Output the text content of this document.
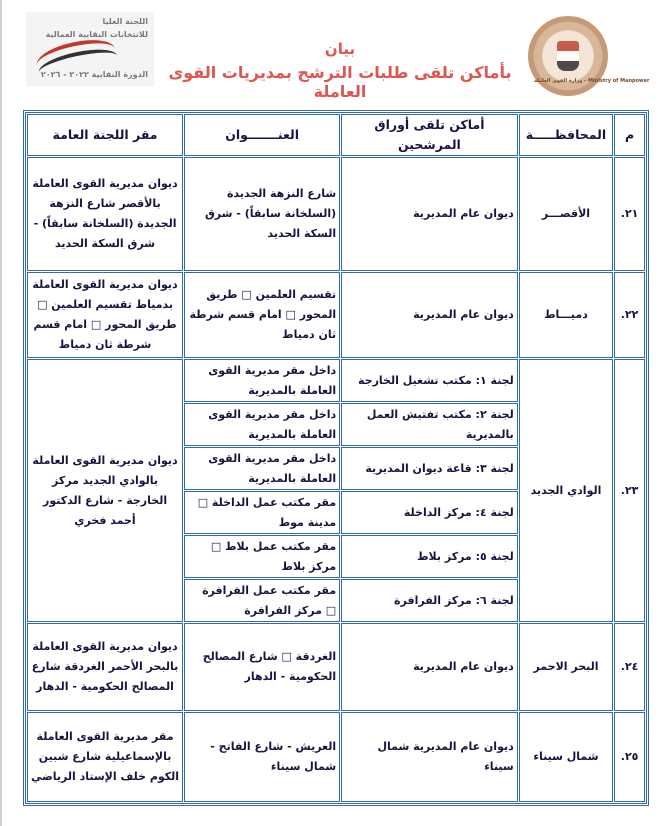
وزارة القوى العاملة - Ministry of Manpower
اللجنة العليا
للانتخابات النقابية العمالية
الدورة النقابية ٢٠٢٢ - ٢٠٢٦
بيان
بأماكن تلقى طلبات الترشح بمديريات القوى العاملة
م	المحافظـــــة	أماكن تلقى أوراق المرشحين	العنـــــــوان	مقر اللجنة العامة
٢١.	الأقصـــر	ديوان عام المديرية	شارع النزهة الجديدة (السلخانة سابقاً) - شرق السكة الحديد	ديوان مديرية القوى العاملة بالأقصر شارع النزهة الجديدة (السلخانة سابقاً) - شرق السكة الحديد
٢٢.	دميـــاط	ديوان عام المديرية	تقسيم العلمين □ طريق المحور □ امام قسم شرطة ثان دمياط	ديوان مديرية القوى العاملة بدمياط تقسيم العلمين □ طريق المحور □ امام قسم شرطة ثان دمياط
٢٣.	الوادي الجديد	لجنة ١: مكتب تشغيل الخارجة	داخل مقر مديرية القوى العاملة بالمديرية	ديوان مديرية القوى العاملة بالوادي الجديد مركز الخارجة - شارع الدكتور أحمد فخري
		لجنة ٢: مكتب تفتيش العمل بالمديرية	داخل مقر مديرية القوى العاملة بالمديرية	
		لجنة ٣: قاعة ديوان المديرية	داخل مقر مديرية القوى العاملة بالمديرية	
		لجنة ٤: مركز الداخلة	مقر مكتب عمل الداخلة □ مدينة موط	
		لجنة ٥: مركز بلاط	مقر مكتب عمل بلاط □ مركز بلاط	
		لجنة ٦: مركز الفرافرة	مقر مكتب عمل الفرافرة □ مركز الفرافرة	
٢٤.	البحر الاحمر	ديوان عام المديرية	الغردقة □ شارع المصالح الحكومية - الدهار	ديوان مديرية القوى العاملة بالبحر الأحمر الغردقة شارع المصالح الحكومية - الدهار
٢٥.	شمال سيناء	ديوان عام المديرية شمال سيناء	العريش - شارع الفاتح - شمال سيناء	مقر مديرية القوى العاملة بالإسماعيلية شارع شبين الكوم خلف الإستاد الرياضي
